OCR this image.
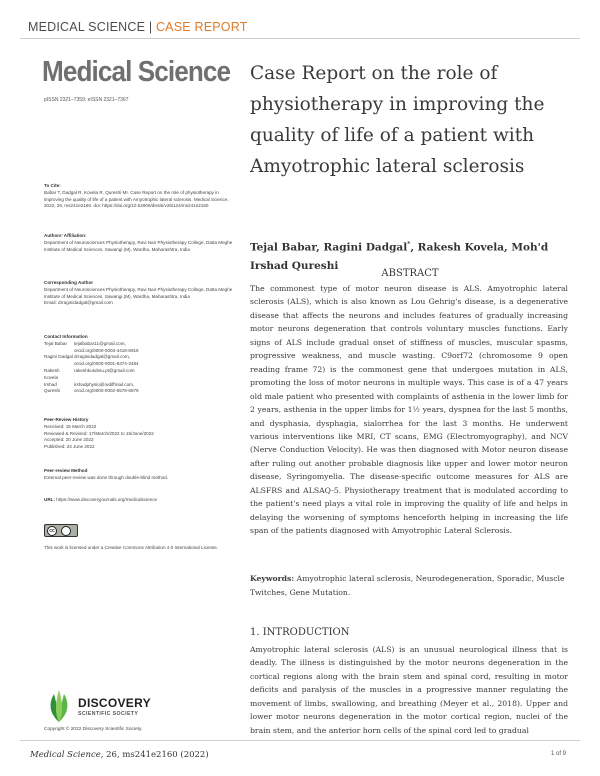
MEDICAL SCIENCE | CASE REPORT
Medical Science
pISSN 2321–7359; eISSN 2321–7367
Case Report on the role of physiotherapy in improving the quality of life of a patient with Amyotrophic lateral sclerosis
To Cite:
Babar T, Dadgal R, Kovela R, Qureshi MI. Case Report on the role of physiotherapy in improving the quality of life of a patient with Amyotrophic lateral sclerosis. Medical Science, 2022, 26, ms241e2160. doi: https://doi.org/10.54905/disssi/v26i124/ms241e2160
Authors' Affiliation:
Department of Neurosciences Physiotherapy, Ravi Nair Physiotherapy College, Datta Meghe Institute of Medical Sciences, Sawangi (M), Wardha, Maharashtra, India
Corresponding Author
Department of Neurosciences Physiotherapy, Ravi Nair Physiotherapy College, Datta Meghe Institute of Medical Sciences, Sawangi (M), Wardha, Maharashtra, India
Email: drraginidadgal@gmail.com
Contact Information
Tejal Babar	tejalbabar11@gmail.com,
orcid.org/0000-0003-4418-6916
Ragini Dadgal drraginidadgal@gmail.com,
orcid.org/0000-0001-8374-3484
Rakesh Kovela
rakeshkutubsu.pt@gmail.com
Irshad Qureshi
irshadphysio@rediffmail.com,
orcid.org/0000-0002-6578-6579
Peer-Review History
Received: 15 March 2022
Reviewed & Revised: 17/March/2022 to 15/June/2022
Accepted: 20 June 2022
Published: 24 June 2022
Peer-review Method
External peer-review was done through double-blind method.
URL: https://www.discoveryjournals.org/medicalscience
cc
This work is licensed under a Creative Commons Attribution 4.0 International License.
Tejal Babar, Ragini Dadgal*, Rakesh Kovela, Moh'd
Irshad Qureshi
ABSTRACT

The commonest type of motor neuron disease is ALS. Amyotrophic lateral sclerosis (ALS), which is also known as Lou Gehrig's disease, is a degenerative disease that affects the neurons and includes features of gradually increasing motor neurons degeneration that controls voluntary muscles functions. Early signs of ALS include gradual onset of stiffness of muscles, muscular spasms, progressive weakness, and muscle wasting. C9orf72 (chromosome 9 open reading frame 72) is the commonest gene that undergoes mutation in ALS, promoting the loss of motor neurons in multiple ways. This case is of a 47 years old male patient who presented with complaints of asthenia in the lower limb for 2 years, asthenia in the upper limbs for 1½ years, dyspnea for the last 5 months, and dysphasia, dysphagia, sialorrhea for the last 3 months. He underwent various interventions like MRI, CT scans, EMG (Electromyography), and NCV (Nerve Conduction Velocity). He was then diagnosed with Motor neuron disease after ruling out another probable diagnosis like upper and lower motor neuron disease, Syringomyelia. The disease-specific outcome measures for ALS are ALSFRS and ALSAQ-5. Physiotherapy treatment that is modulated according to the patient's need plays a vital role in improving the quality of life and helps in delaying the worsening of symptoms henceforth helping in increasing the life span of the patients diagnosed with Amyotrophic Lateral Sclerosis.

Keywords: Amyotrophic lateral sclerosis, Neurodegeneration, Sporadic, Muscle Twitches, Gene Mutation.
1. INTRODUCTION

Amyotrophic lateral sclerosis (ALS) is an unusual neurological illness that is deadly. The illness is distinguished by the motor neurons degeneration in the cortical regions along with the brain stem and spinal cord, resulting in motor deficits and paralysis of the muscles in a progressive manner regulating the movement of limbs, swallowing, and breathing (Meyer et al., 2018). Upper and lower motor neurons degeneration in the motor cortical region, nuclei of the brain stem, and the anterior horn cells of the spinal cord led to gradual

DISCOVERY
SCIENTIFIC SOCIETY
Copyright © 2022 Discovery Scientific Society.
Medical Science, 26, ms241e2160 (2022)	1 of 9
